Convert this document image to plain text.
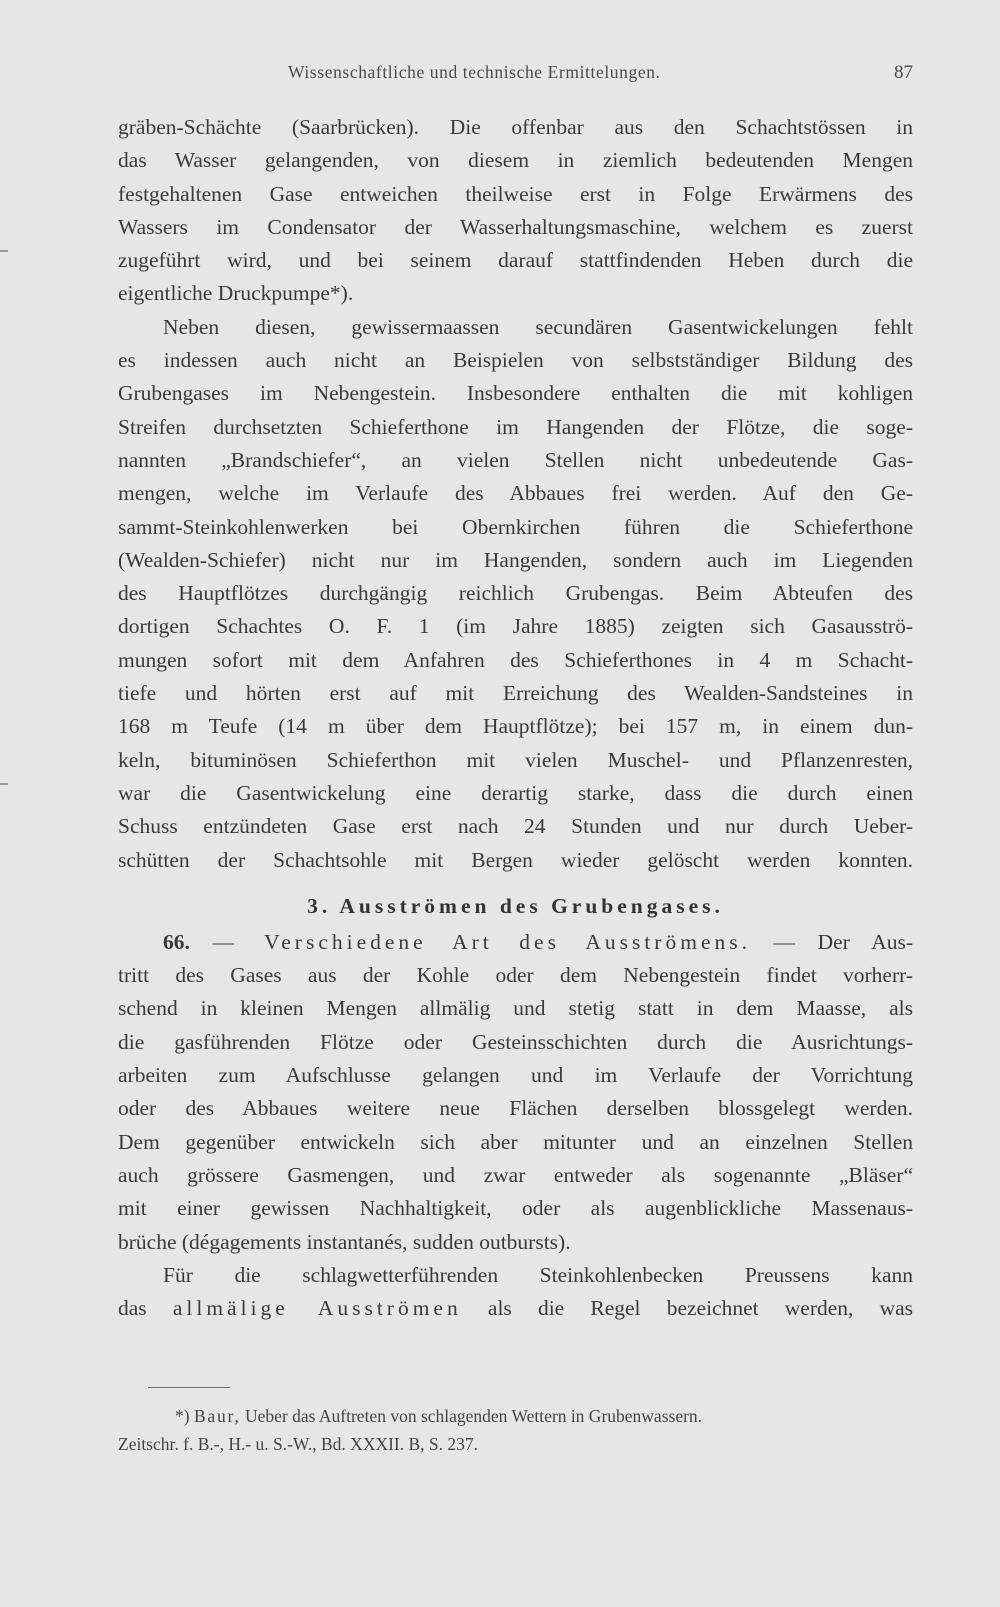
Wissenschaftliche und technische Ermittelungen.	87

gräben-Schächte (Saarbrücken). Die offenbar aus den Schachtstössen in

das Wasser gelangenden, von diesem in ziemlich bedeutenden Mengen

festgehaltenen Gase entweichen theilweise erst in Folge Erwärmens des

Wassers im Condensator der Wasserhaltungsmaschine, welchem es zuerst

zugeführt wird, und bei seinem darauf stattfindenden Heben durch die

eigentliche Druckpumpe*).

Neben diesen, gewissermaassen secundären Gasentwickelungen fehlt

es indessen auch nicht an Beispielen von selbstständiger Bildung des

Grubengases im Nebengestein. Insbesondere enthalten die mit kohligen

Streifen durchsetzten Schieferthone im Hangenden der Flötze, die soge-

nannten „Brandschiefer“, an vielen Stellen nicht unbedeutende Gas-

mengen, welche im Verlaufe des Abbaues frei werden. Auf den Ge-

sammt-Steinkohlenwerken bei Obernkirchen führen die Schieferthone

(Wealden-Schiefer) nicht nur im Hangenden, sondern auch im Liegenden

des Hauptflötzes durchgängig reichlich Grubengas. Beim Abteufen des

dortigen Schachtes O. F. 1 (im Jahre 1885) zeigten sich Gasausströ-

mungen sofort mit dem Anfahren des Schieferthones in 4 m Schacht-

tiefe und hörten erst auf mit Erreichung des Wealden-Sandsteines in

168 m Teufe (14 m über dem Hauptflötze); bei 157 m, in einem dun-

keln, bituminösen Schieferthon mit vielen Muschel- und Pflanzenresten,

war die Gasentwickelung eine derartig starke, dass die durch einen

Schuss entzündeten Gase erst nach 24 Stunden und nur durch Ueber-

schütten der Schachtsohle mit Bergen wieder gelöscht werden konnten.

3. Ausströmen des Grubengases.

66. — Verschiedene Art des Ausströmens. — Der Aus-

tritt des Gases aus der Kohle oder dem Nebengestein findet vorherr-

schend in kleinen Mengen allmälig und stetig statt in dem Maasse, als

die gasführenden Flötze oder Gesteinsschichten durch die Ausrichtungs-

arbeiten zum Aufschlusse gelangen und im Verlaufe der Vorrichtung

oder des Abbaues weitere neue Flächen derselben blossgelegt werden.

Dem gegenüber entwickeln sich aber mitunter und an einzelnen Stellen

auch grössere Gasmengen, und zwar entweder als sogenannte „Bläser“

mit einer gewissen Nachhaltigkeit, oder als augenblickliche Massenaus-

brüche (dégagements instantanés, sudden outbursts).

Für die schlagwetterführenden Steinkohlenbecken Preussens kann

das allmälige Ausströmen als die Regel bezeichnet werden, was

*) Baur, Ueber das Auftreten von schlagenden Wettern in Grubenwassern.

Zeitschr. f. B.-, H.- u. S.-W., Bd. XXXII. B, S. 237.
